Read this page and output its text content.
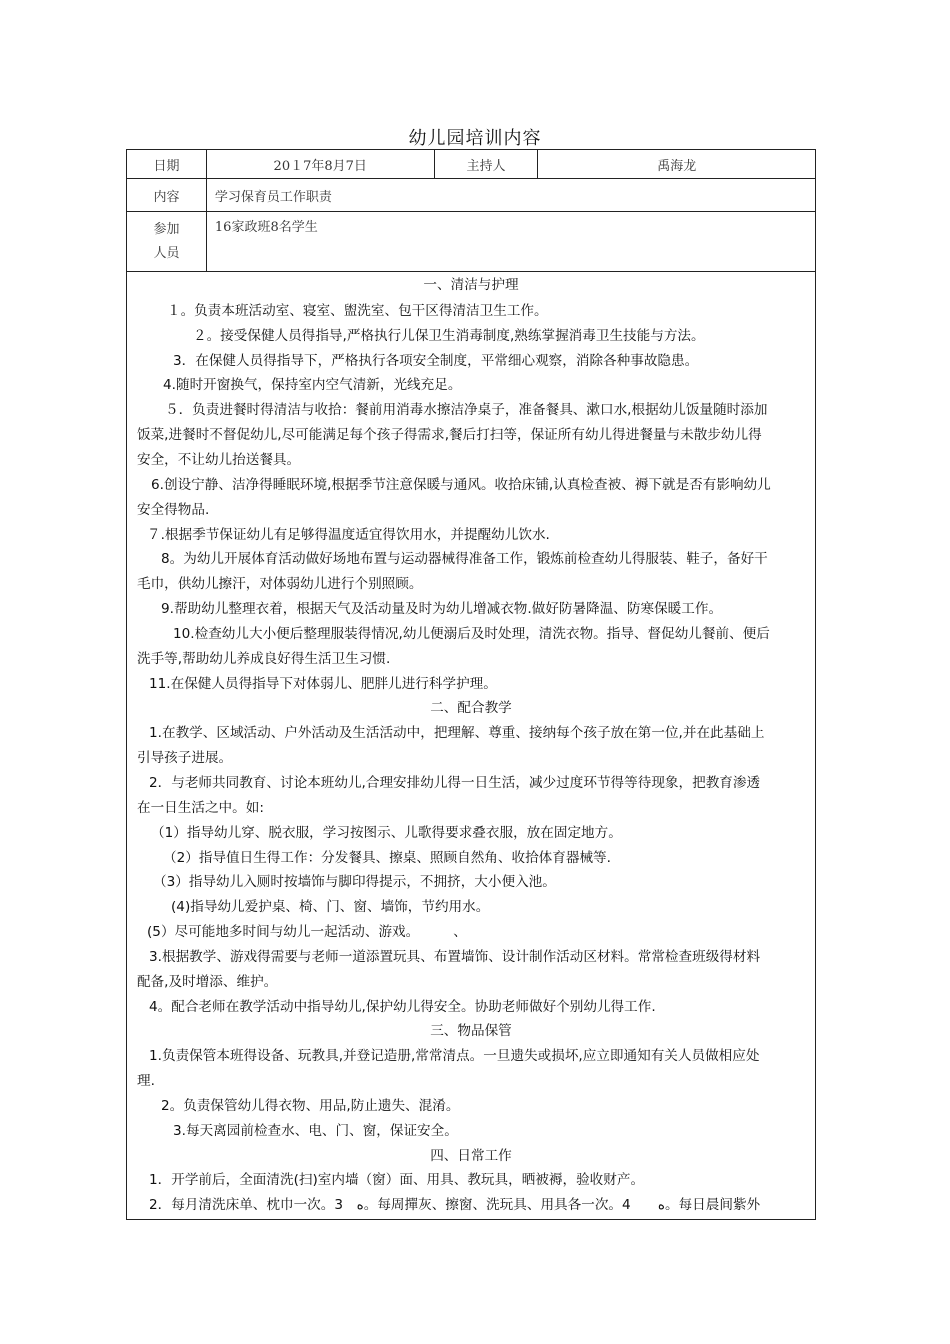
幼儿园培训内容
日期	20１7年8月7日	主持人	禹海龙
内容	学习保育员工作职责		

参加
人员	16家政班8名学生		
一、清洁与护理
１。负责本班活动室、寝室、盥洗室、包干区得清洁卫生工作。
２。接受保健人员得指导,严格执行儿保卫生消毒制度,熟练掌握消毒卫生技能与方法。
3．在保健人员得指导下，严格执行各项安全制度，平常细心观察，消除各种事故隐患。
4.随时开窗换气，保持室内空气清新，光线充足。
５．负责进餐时得清洁与收拾：餐前用消毒水擦洁净桌子，准备餐具、漱口水,根据幼儿饭量随时添加
饭菜,进餐时不督促幼儿,尽可能满足每个孩子得需求,餐后打扫等，保证所有幼儿得进餐量与未散步幼儿得
安全，不让幼儿抬送餐具。
6.创设宁静、洁净得睡眠环境,根据季节注意保暖与通风。收拾床铺,认真检查被、褥下就是否有影响幼儿
安全得物品.
７.根据季节保证幼儿有足够得温度适宜得饮用水，并提醒幼儿饮水.
8。为幼儿开展体育活动做好场地布置与运动器械得准备工作，锻炼前检查幼儿得服装、鞋子，备好干
毛巾，供幼儿擦汗，对体弱幼儿进行个别照顾。
9.帮助幼儿整理衣着，根据天气及活动量及时为幼儿增减衣物.做好防暑降温、防寒保暖工作。
10.检查幼儿大小便后整理服装得情况,幼儿便溺后及时处理，清洗衣物。指导、督促幼儿餐前、便后
洗手等,帮助幼儿养成良好得生活卫生习惯.
11.在保健人员得指导下对体弱儿、肥胖儿进行科学护理。
二、配合教学
1.在教学、区域活动、户外活动及生活活动中，把理解、尊重、接纳每个孩子放在第一位,并在此基础上
引导孩子进展。
2．与老师共同教育、讨论本班幼儿,合理安排幼儿得一日生活，减少过度环节得等待现象，把教育渗透
在一日生活之中。如:
（1）指导幼儿穿、脱衣服，学习按图示、儿歌得要求叠衣服，放在固定地方。
（2）指导值日生得工作：分发餐具、擦桌、照顾自然角、收拾体育器械等.
（3）指导幼儿入厕时按墙饰与脚印得提示，不拥挤，大小便入池。
(4)指导幼儿爱护桌、椅、门、窗、墙饰，节约用水。
(5）尽可能地多时间与幼儿一起活动、游戏。　　　、
3.根据教学、游戏得需要与老师一道添置玩具、布置墙饰、设计制作活动区材料。常常检查班级得材料
配备,及时增添、维护。
4。配合老师在教学活动中指导幼儿,保护幼儿得安全。协助老师做好个别幼儿得工作.
三、物品保管
1.负责保管本班得设备、玩教具,并登记造册,常常清点。一旦遗失或损坏,应立即通知有关人员做相应处
理.
2。负责保管幼儿得衣物、用品,防止遗失、混淆。
3.每天离园前检查水、电、门、窗，保证安全。
四、日常工作
1．开学前后，全面清洗(扫)室内墙（窗）面、用具、教玩具，晒被褥，验收财产。
2．每月清洗床单、枕巾一次。3　ﻩ。每周撣灰、擦窗、洗玩具、用具各一次。4　　ﻩ。每日晨间紫外
